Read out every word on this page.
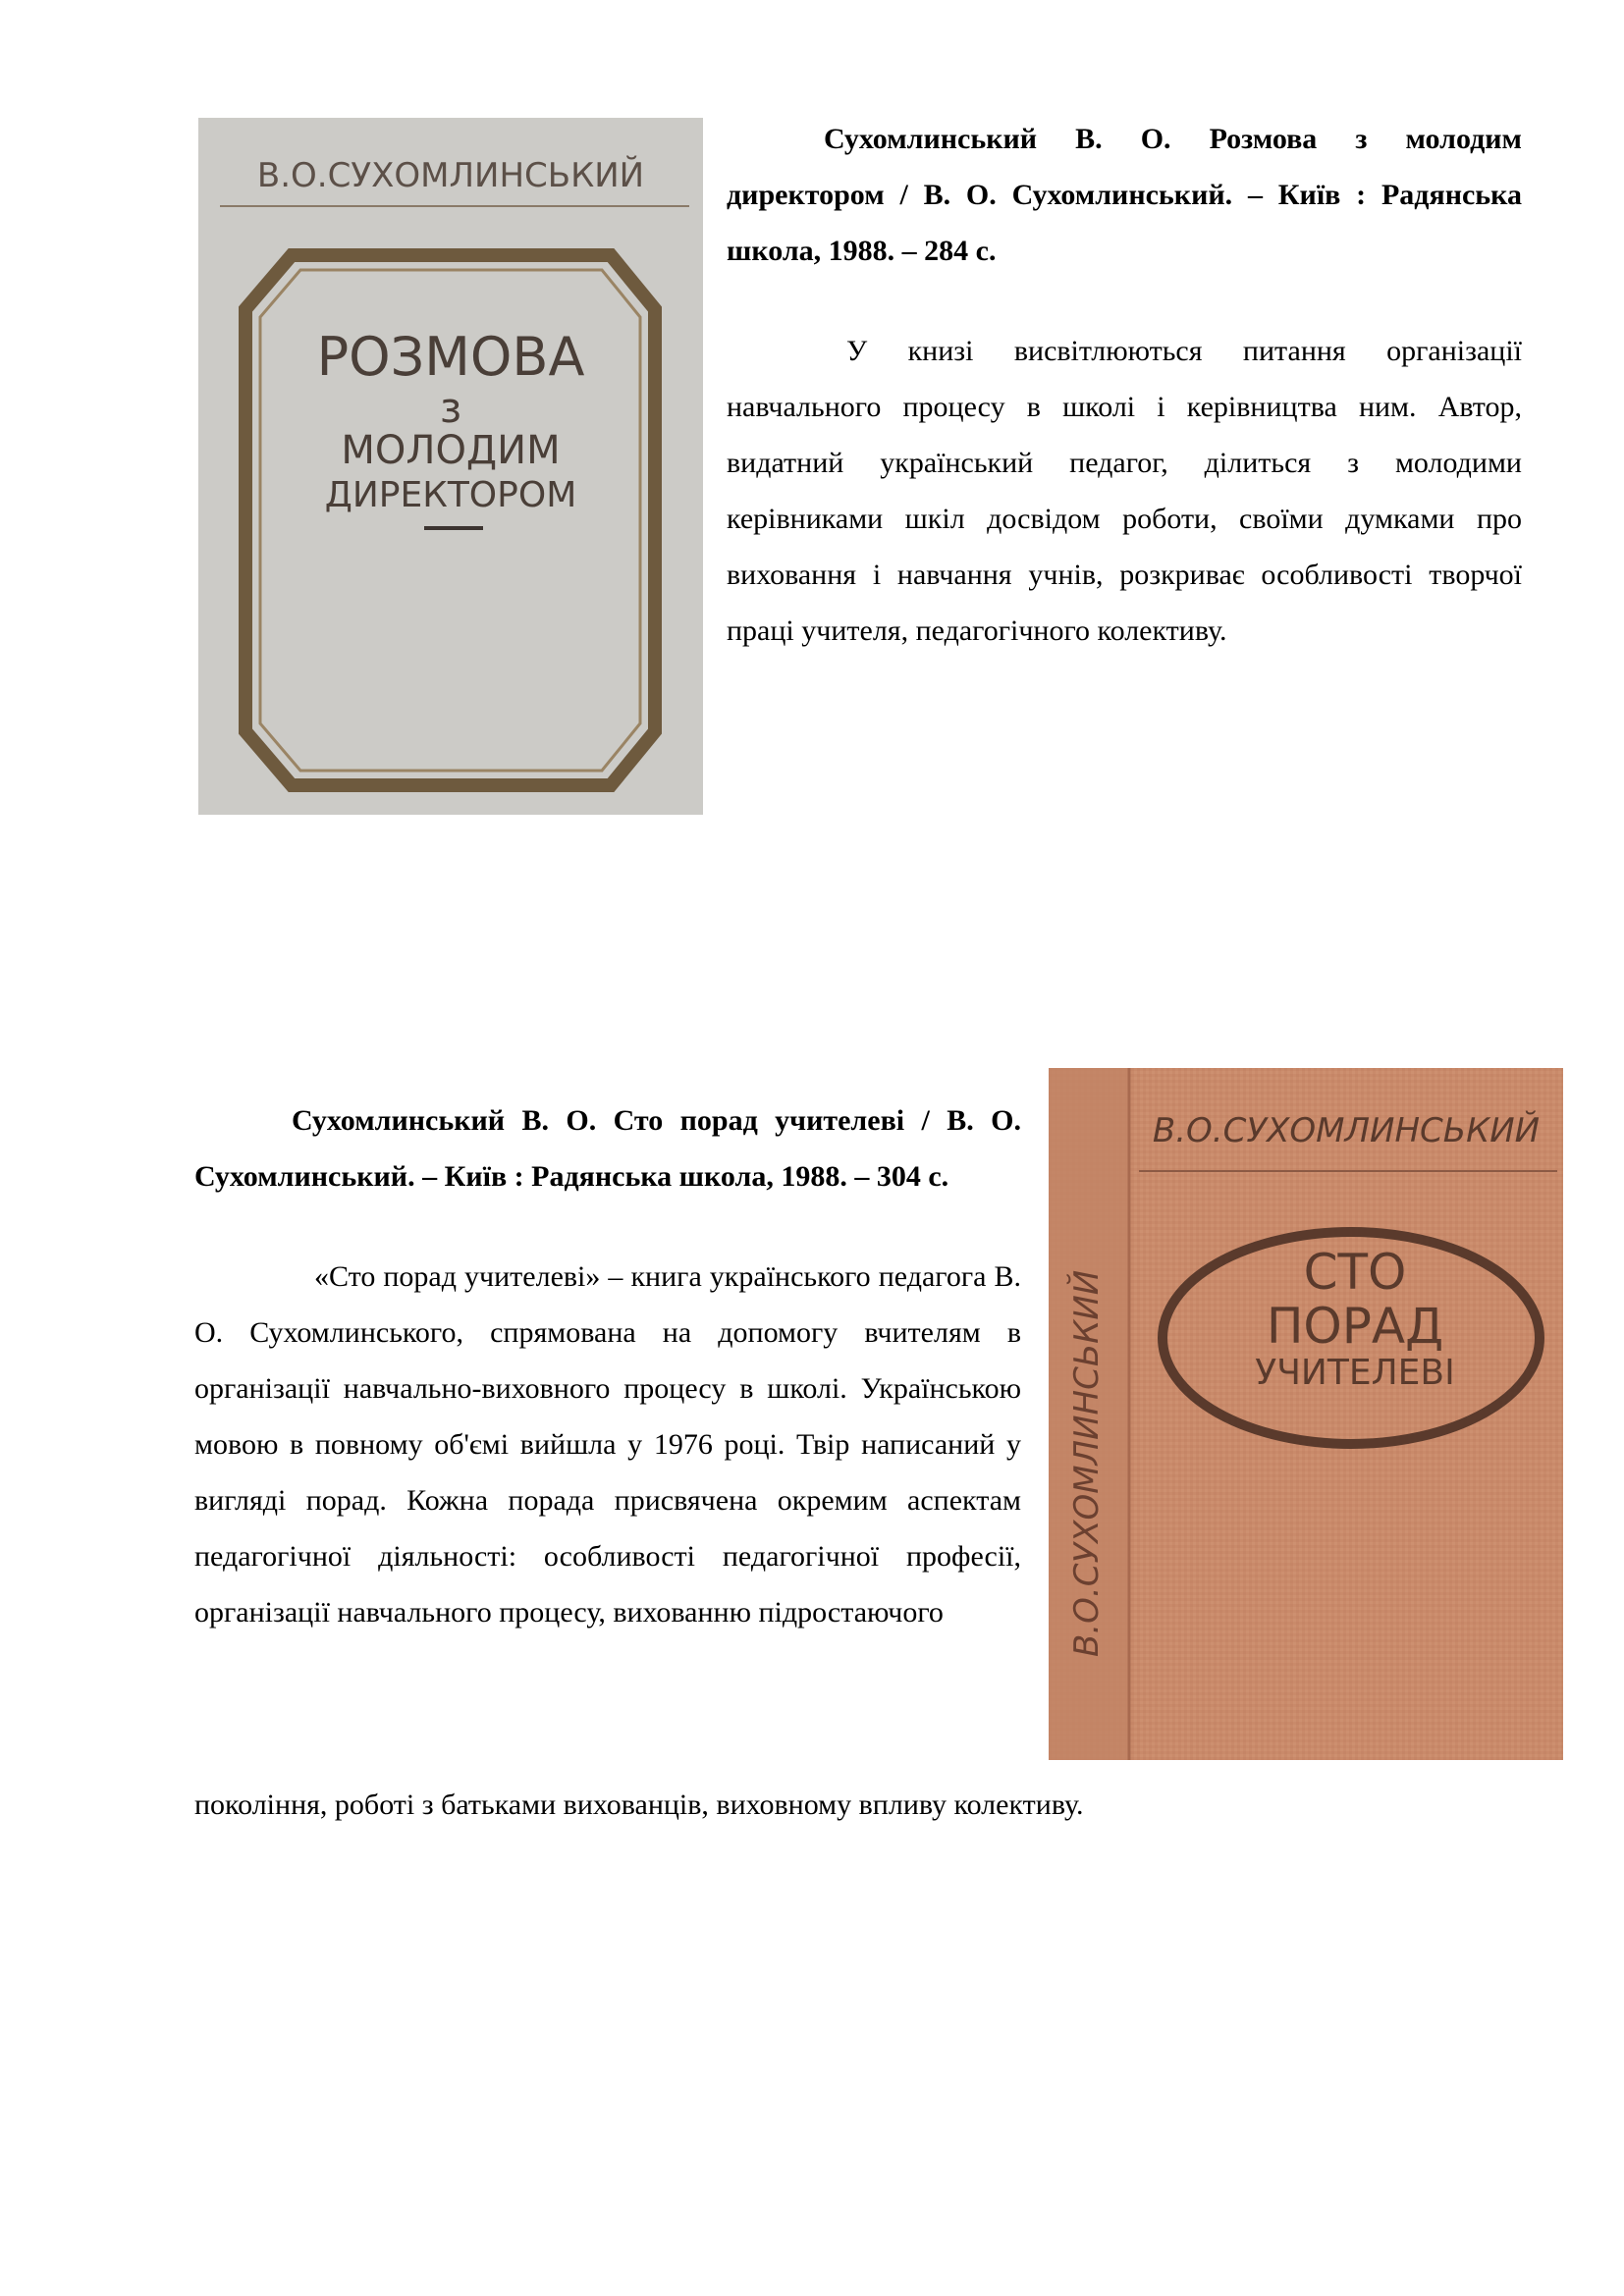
В.О.СУХОМЛИНСЬКИЙ
РОЗМОВА
з
МОЛОДИМ
ДИРЕКТОРОМ

Сухомлинський В. О. Розмова з молодим директором / В. О. Сухомлинський. – Київ : Радянська школа, 1988. – 284 с.

У книзі висвітлюються питання організації навчального процесу в школі і керівництва ним. Автор, видатний український педагог, ділиться з молодими керівниками шкіл досвідом роботи, своїми думками про виховання і навчання учнів, розкриває особливості творчої праці учителя, педагогічного колективу.

В.О.СУХОМЛИНСЬКИЙ
В.О.СУХОМЛИНСЬКИЙ
СТО
ПОРАД
УЧИТЕЛЕВІ

Сухомлинський В. О. Сто порад учителеві / В. О. Сухомлинський. – Київ : Радянська школа, 1988. – 304 с.

«Сто порад учителеві» – книга українського педагога В. О. Сухомлинського, спрямована на допомогу вчителям в організації навчально-виховного процесу в школі. Українською мовою в повному об'ємі вийшла у 1976 році. Твір написаний у вигляді порад. Кожна порада присвячена окремим аспектам педагогічної діяльності: особливості педагогічної професії, організації навчального процесу, вихованню підростаючого

покоління, роботі з батьками вихованців, виховному впливу колективу.
